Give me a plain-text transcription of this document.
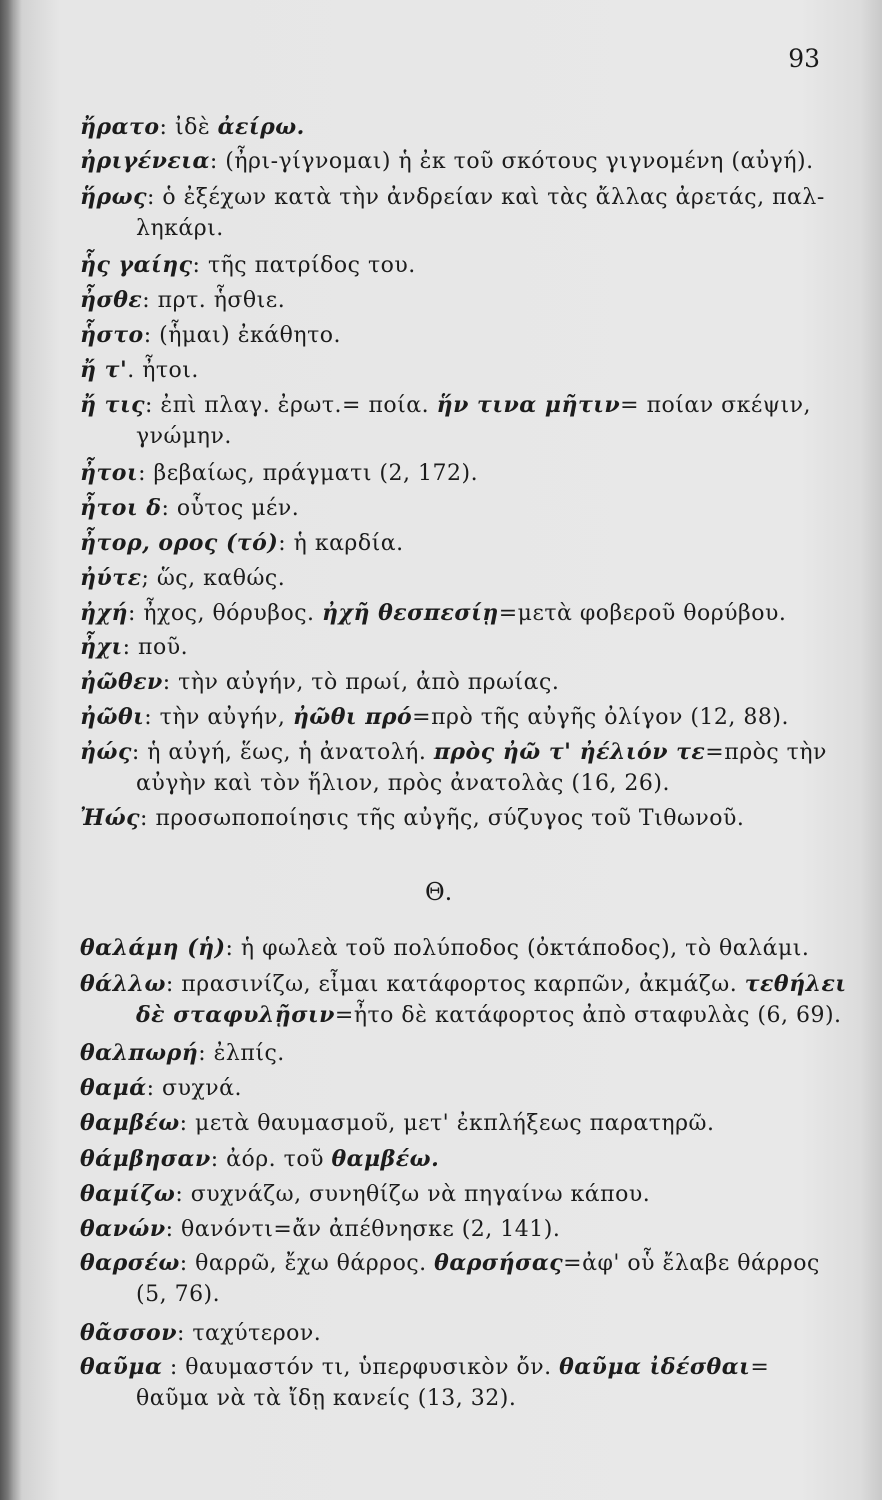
93
ἤρατο: ἰδὲ ἀείρω.
ἠριγένεια: (ἦρι-γίγνομαι) ἡ ἐκ τοῦ σκότους γιγνομένη (αὐγή).
ἥρως: ὁ ἐξέχων κατὰ τὴν ἀνδρείαν καὶ τὰς ἄλλας ἀρετάς, παλ-
ληκάρι.
ἧς γαίης: τῆς πατρίδος του.
ἦσθε: πρτ. ἧσθιε.
ἧστο: (ἧμαι) ἐκάθητο.
ἤ τ'. ἦτοι.
ἤ τις: ἐπὶ πλαγ. ἐρωτ.= ποία. ἥν τινα μῆτιν= ποίαν σκέψιν,
γνώμην.
ἦτοι: βεβαίως, πράγματι (2, 172).
ἦτοι δ: οὗτος μέν.
ἦτορ, ορος (τό): ἡ καρδία.
ἠύτε; ὥς, καθώς.
ἠχή: ἦχος, θόρυβος. ἠχῆ θεσπεσίῃ=μετὰ φοβεροῦ θορύβου.
ἦχι: ποῦ.
ἠῶθεν: τὴν αὐγήν, τὸ πρωί, ἀπὸ πρωίας.
ἠῶθι: τὴν αὐγήν, ἠῶθι πρό=πρὸ τῆς αὐγῆς ὀλίγον (12, 88).
ἠώς: ἡ αὐγή, ἕως, ἡ ἀνατολή. πρὸς ἠῶ τ' ἠέλιόν τε=πρὸς τὴν
αὐγὴν καὶ τὸν ἥλιον, πρὸς ἀνατολὰς (16, 26).
Ἠώς: προσωποποίησις τῆς αὐγῆς, σύζυγος τοῦ Τιθωνοῦ.
Θ.
θαλάμη (ἡ): ἡ φωλεὰ τοῦ πολύποδος (ὀκτάποδος), τὸ θαλάμι.
θάλλω: πρασινίζω, εἶμαι κατάφορτος καρπῶν, ἀκμάζω. τεθήλει
δὲ σταφυλῇσιν=ἦτο δὲ κατάφορτος ἀπὸ σταφυλὰς (6, 69).
θαλπωρή: ἐλπίς.
θαμά: συχνά.
θαμβέω: μετὰ θαυμασμοῦ, μετ' ἐκπλήξεως παρατηρῶ.
θάμβησαν: ἀόρ. τοῦ θαμβέω.
θαμίζω: συχνάζω, συνηθίζω νὰ πηγαίνω κάπου.
θανών: θανόντι=ἄν ἀπέθνησκε (2, 141).
θαρσέω: θαρρῶ, ἔχω θάρρος. θαρσήσας=ἀφ' οὗ ἔλαβε θάρρος
(5, 76).
θᾶσσον: ταχύτερον.
θαῦμα : θαυμαστόν τι, ὑπερφυσικὸν ὄν. θαῦμα ἰδέσθαι=
θαῦμα νὰ τὰ ἴδῃ κανείς (13, 32).
